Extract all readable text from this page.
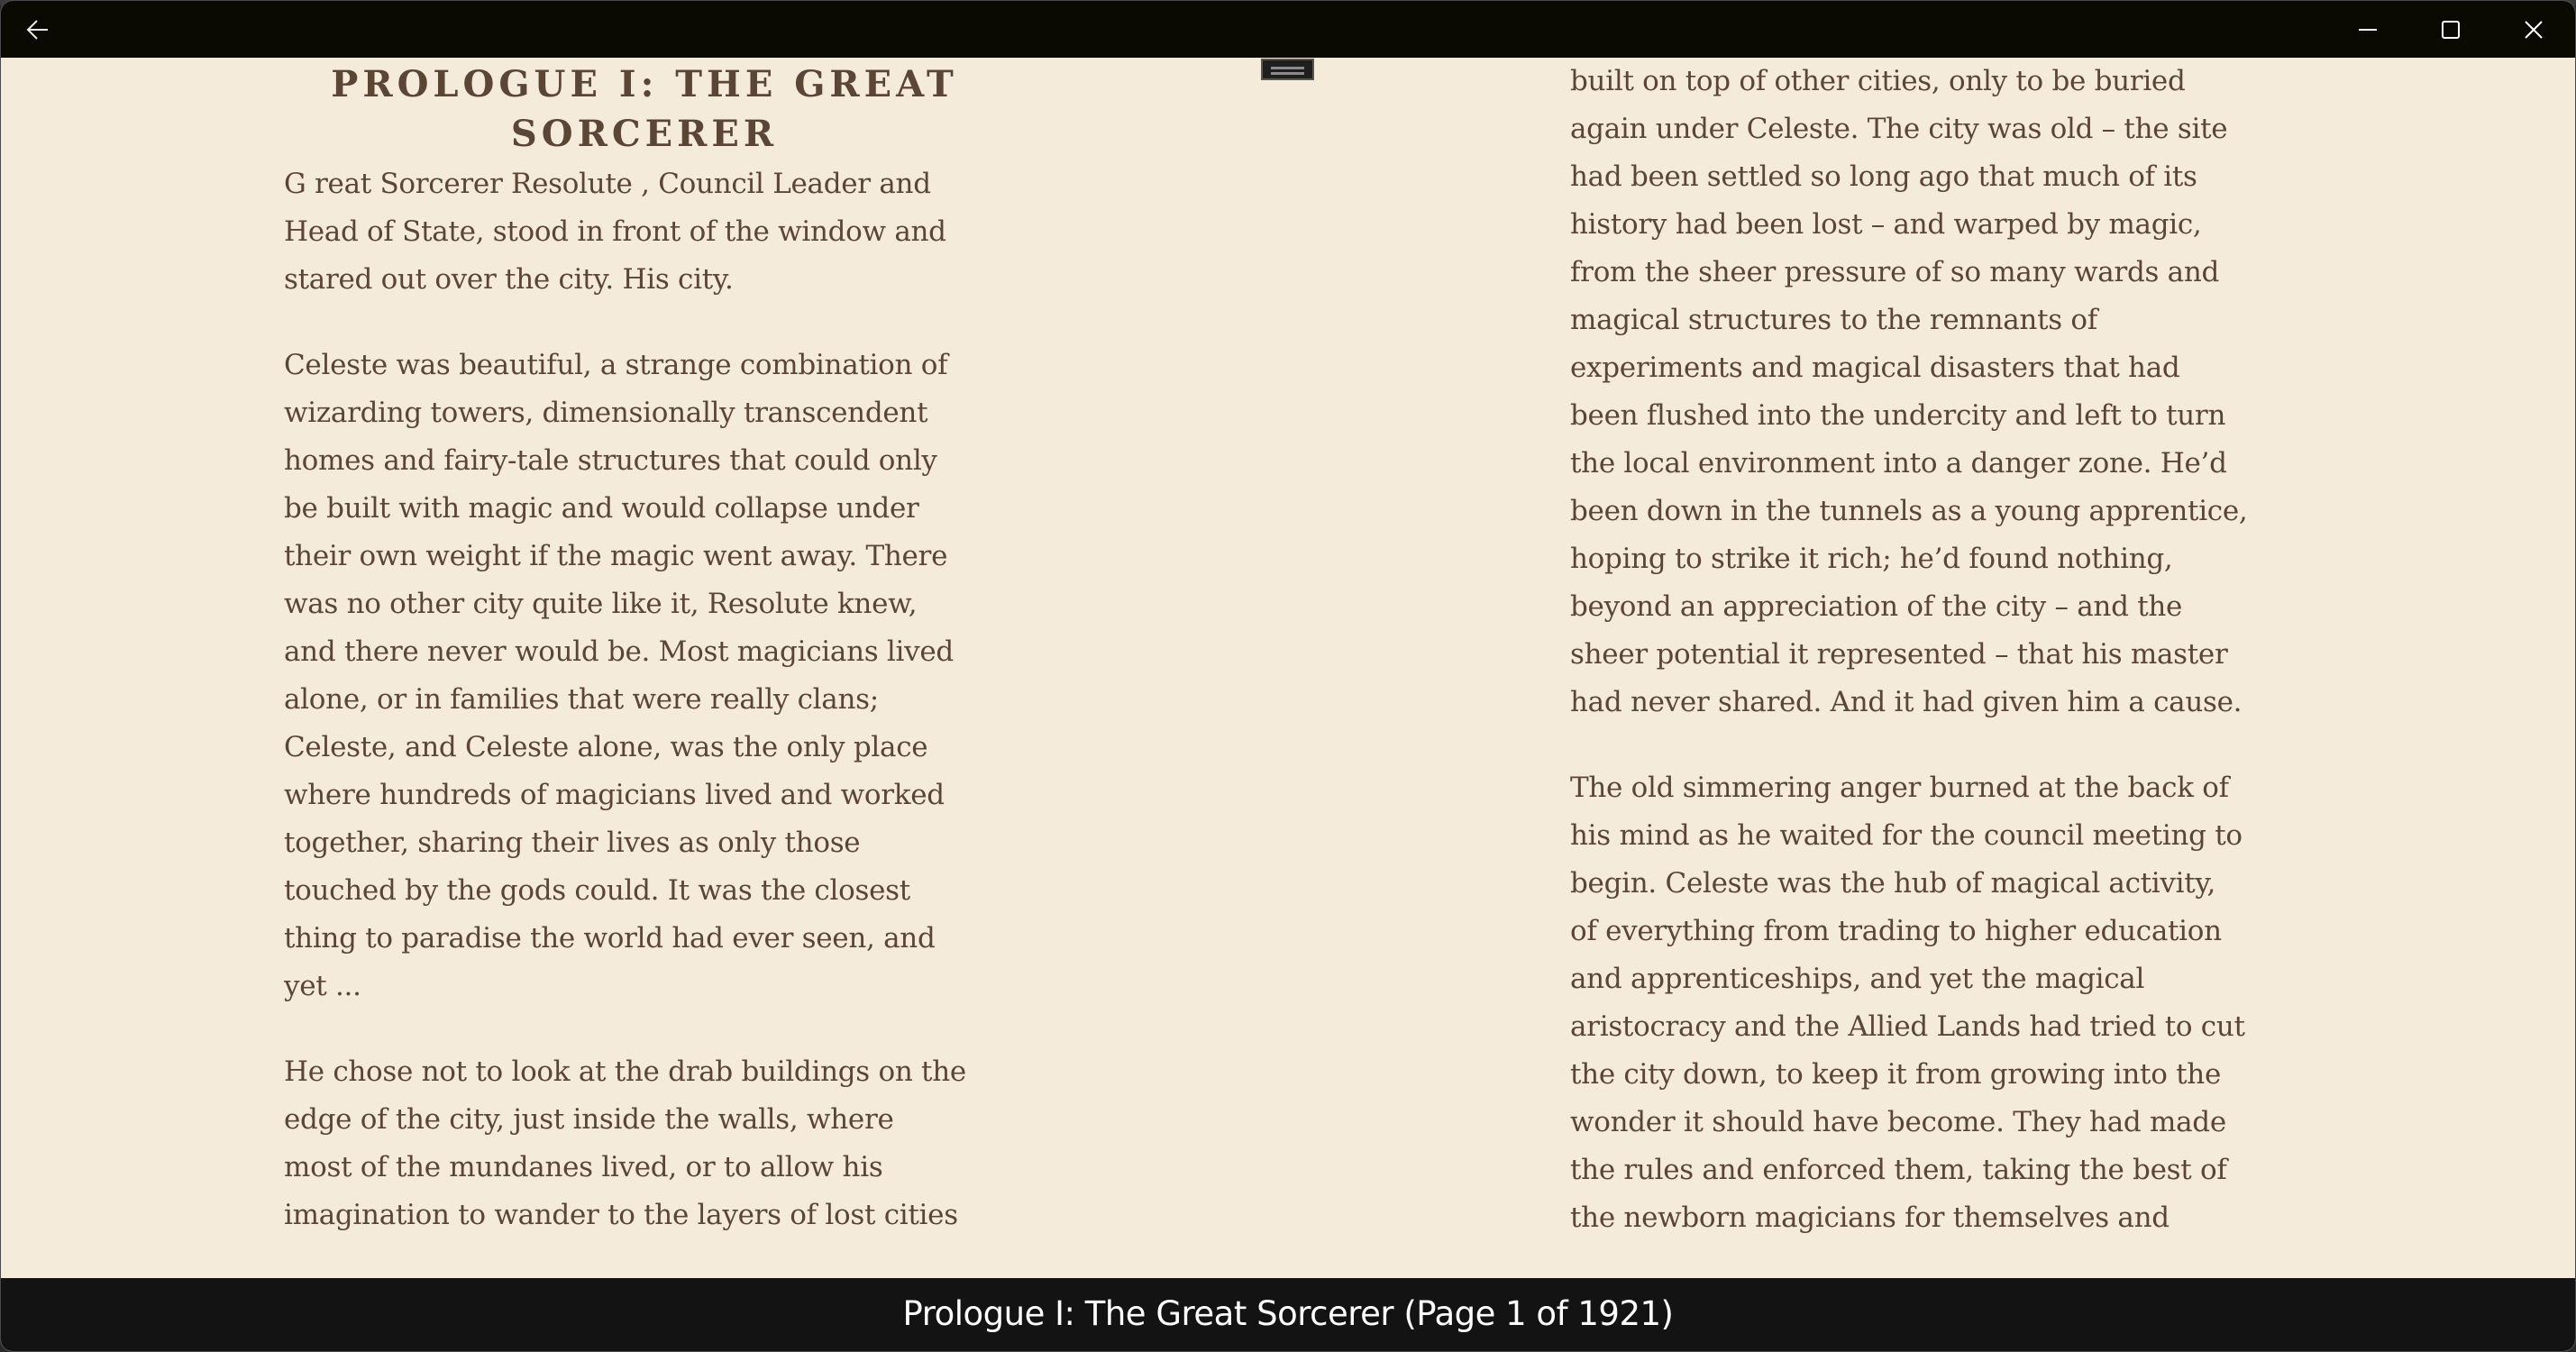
PROLOGUE I: THE GREAT
SORCERER

G reat Sorcerer Resolute , Council Leader and
Head of State, stood in front of the window and
stared out over the city. His city.

Celeste was beautiful, a strange combination of
wizarding towers, dimensionally transcendent
homes and fairy-tale structures that could only
be built with magic and would collapse under
their own weight if the magic went away. There
was no other city quite like it, Resolute knew,
and there never would be. Most magicians lived
alone, or in families that were really clans;
Celeste, and Celeste alone, was the only place
where hundreds of magicians lived and worked
together, sharing their lives as only those
touched by the gods could. It was the closest
thing to paradise the world had ever seen, and
yet ...

He chose not to look at the drab buildings on the
edge of the city, just inside the walls, where
most of the mundanes lived, or to allow his
imagination to wander to the layers of lost cities

built on top of other cities, only to be buried
again under Celeste. The city was old – the site
had been settled so long ago that much of its
history had been lost – and warped by magic,
from the sheer pressure of so many wards and
magical structures to the remnants of
experiments and magical disasters that had
been flushed into the undercity and left to turn
the local environment into a danger zone. He’d
been down in the tunnels as a young apprentice,
hoping to strike it rich; he’d found nothing,
beyond an appreciation of the city – and the
sheer potential it represented – that his master
had never shared. And it had given him a cause.

The old simmering anger burned at the back of
his mind as he waited for the council meeting to
begin. Celeste was the hub of magical activity,
of everything from trading to higher education
and apprenticeships, and yet the magical
aristocracy and the Allied Lands had tried to cut
the city down, to keep it from growing into the
wonder it should have become. They had made
the rules and enforced them, taking the best of
the newborn magicians for themselves and

Prologue I: The Great Sorcerer (Page 1 of 1921)
